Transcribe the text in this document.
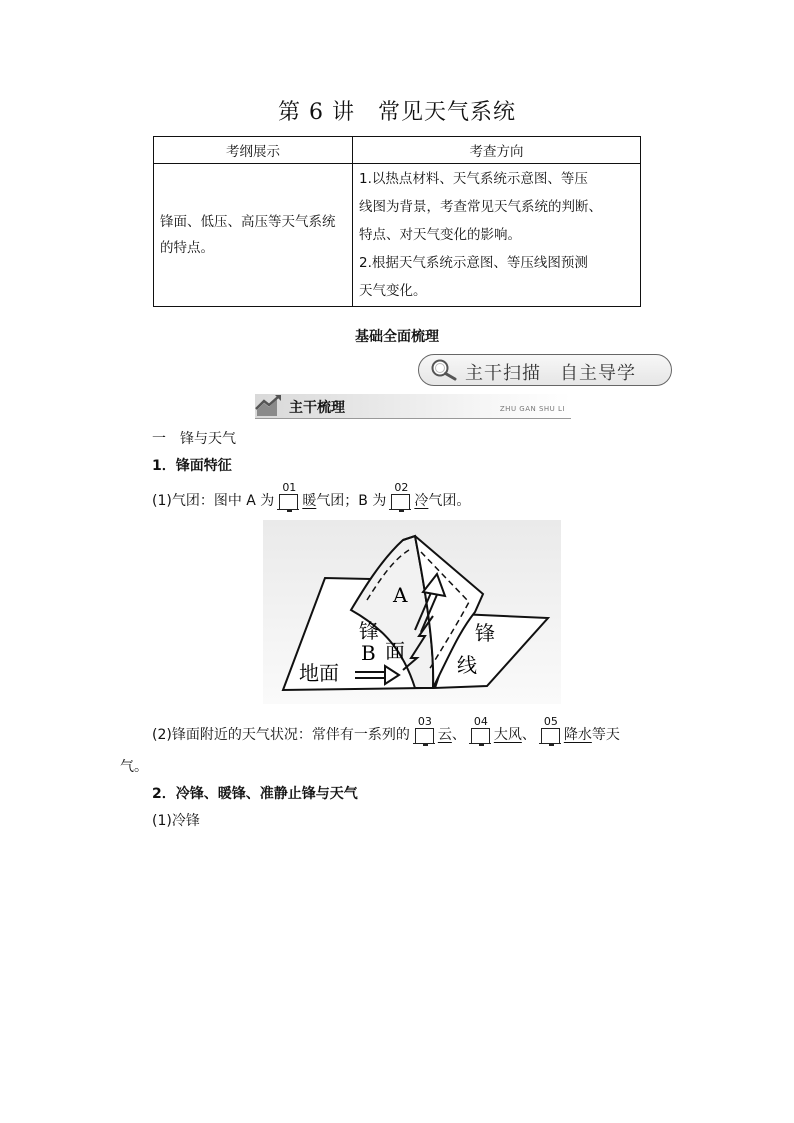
第 6 讲　常见天气系统
考纲展示	考查方向
锋面、低压、高压等天气系统的特点。	1.以热点材料、天气系统示意图、等压
线图为背景，考查常见天气系统的判断、
特点、对天气变化的影响。
2.根据天气系统示意图、等压线图预测
天气变化。
基础全面梳理
主干扫描　自主导学
主干梳理	ZHU GAN SHU LI
一　锋与天气
1．锋面特征
(1)气团：图中 A 为
01
暖气团；B 为
02
冷气团。
A
锋
B 面
地面
锋
线
(2)锋面附近的天气状况：常伴有一系列的
03
云、
04
大风、
05
降水等天
气。
2．冷锋、暖锋、准静止锋与天气
(1)冷锋
